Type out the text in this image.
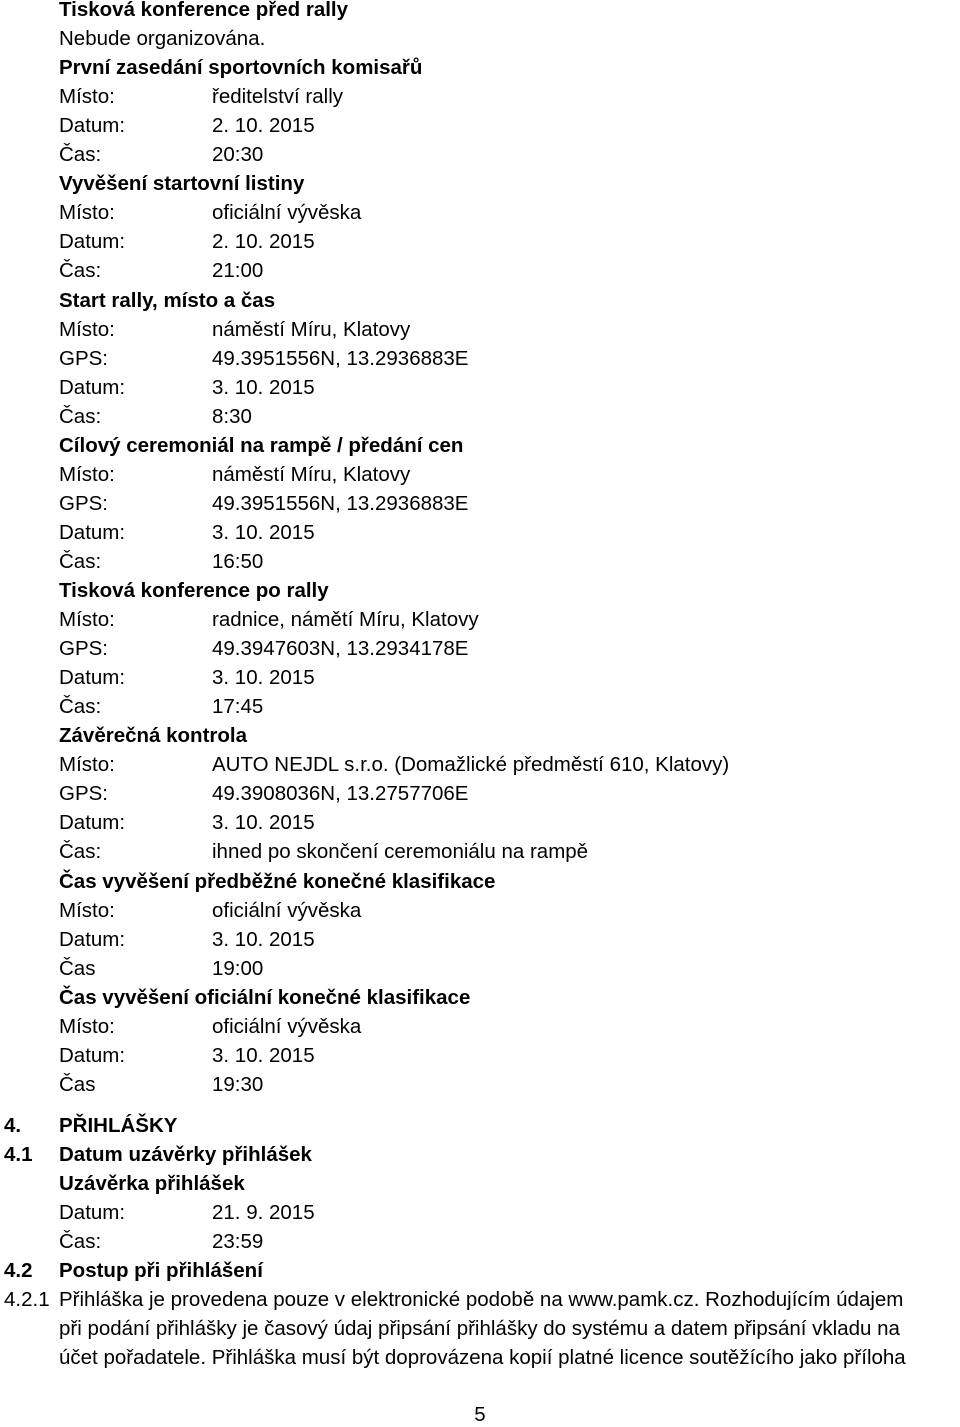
Tisková konference před rally
Nebude organizována.
První zasedání sportovních komisařů
Místo:	ředitelství rally
Datum:	2. 10. 2015
Čas:	20:30
Vyvěšení startovní listiny
Místo:	oficiální vývěska
Datum:	2. 10. 2015
Čas:	21:00
Start rally, místo a čas
Místo:	náměstí Míru, Klatovy
GPS:	49.3951556N, 13.2936883E
Datum:	3. 10. 2015
Čas:	8:30
Cílový ceremoniál na rampě / předání cen
Místo:	náměstí Míru, Klatovy
GPS:	49.3951556N, 13.2936883E
Datum:	3. 10. 2015
Čas:	16:50
Tisková konference po rally
Místo:	radnice, námětí Míru, Klatovy
GPS:	49.3947603N, 13.2934178E
Datum:	3. 10. 2015
Čas:	17:45
Závěrečná kontrola
Místo:	AUTO NEJDL s.r.o. (Domažlické předměstí 610, Klatovy)
GPS:	49.3908036N, 13.2757706E
Datum:	3. 10. 2015
Čas:	ihned po skončení ceremoniálu na rampě
Čas vyvěšení předběžné konečné klasifikace
Místo:	oficiální vývěska
Datum:	3. 10. 2015
Čas	19:00
Čas vyvěšení oficiální konečné klasifikace
Místo:	oficiální vývěska
Datum:	3. 10. 2015
Čas	19:30
4. PŘIHLÁŠKY
4.1 Datum uzávěrky přihlášek
Uzávěrka přihlášek
Datum:	21. 9. 2015
Čas:	23:59
4.2 Postup při přihlášení
4.2.1 Přihláška je provedena pouze v elektronické podobě na www.pamk.cz. Rozhodujícím údajem
při podání přihlášky je časový údaj připsání přihlášky do systému a datem připsání vkladu na
účet pořadatele. Přihláška musí být doprovázena kopií platné licence soutěžícího jako příloha
5
